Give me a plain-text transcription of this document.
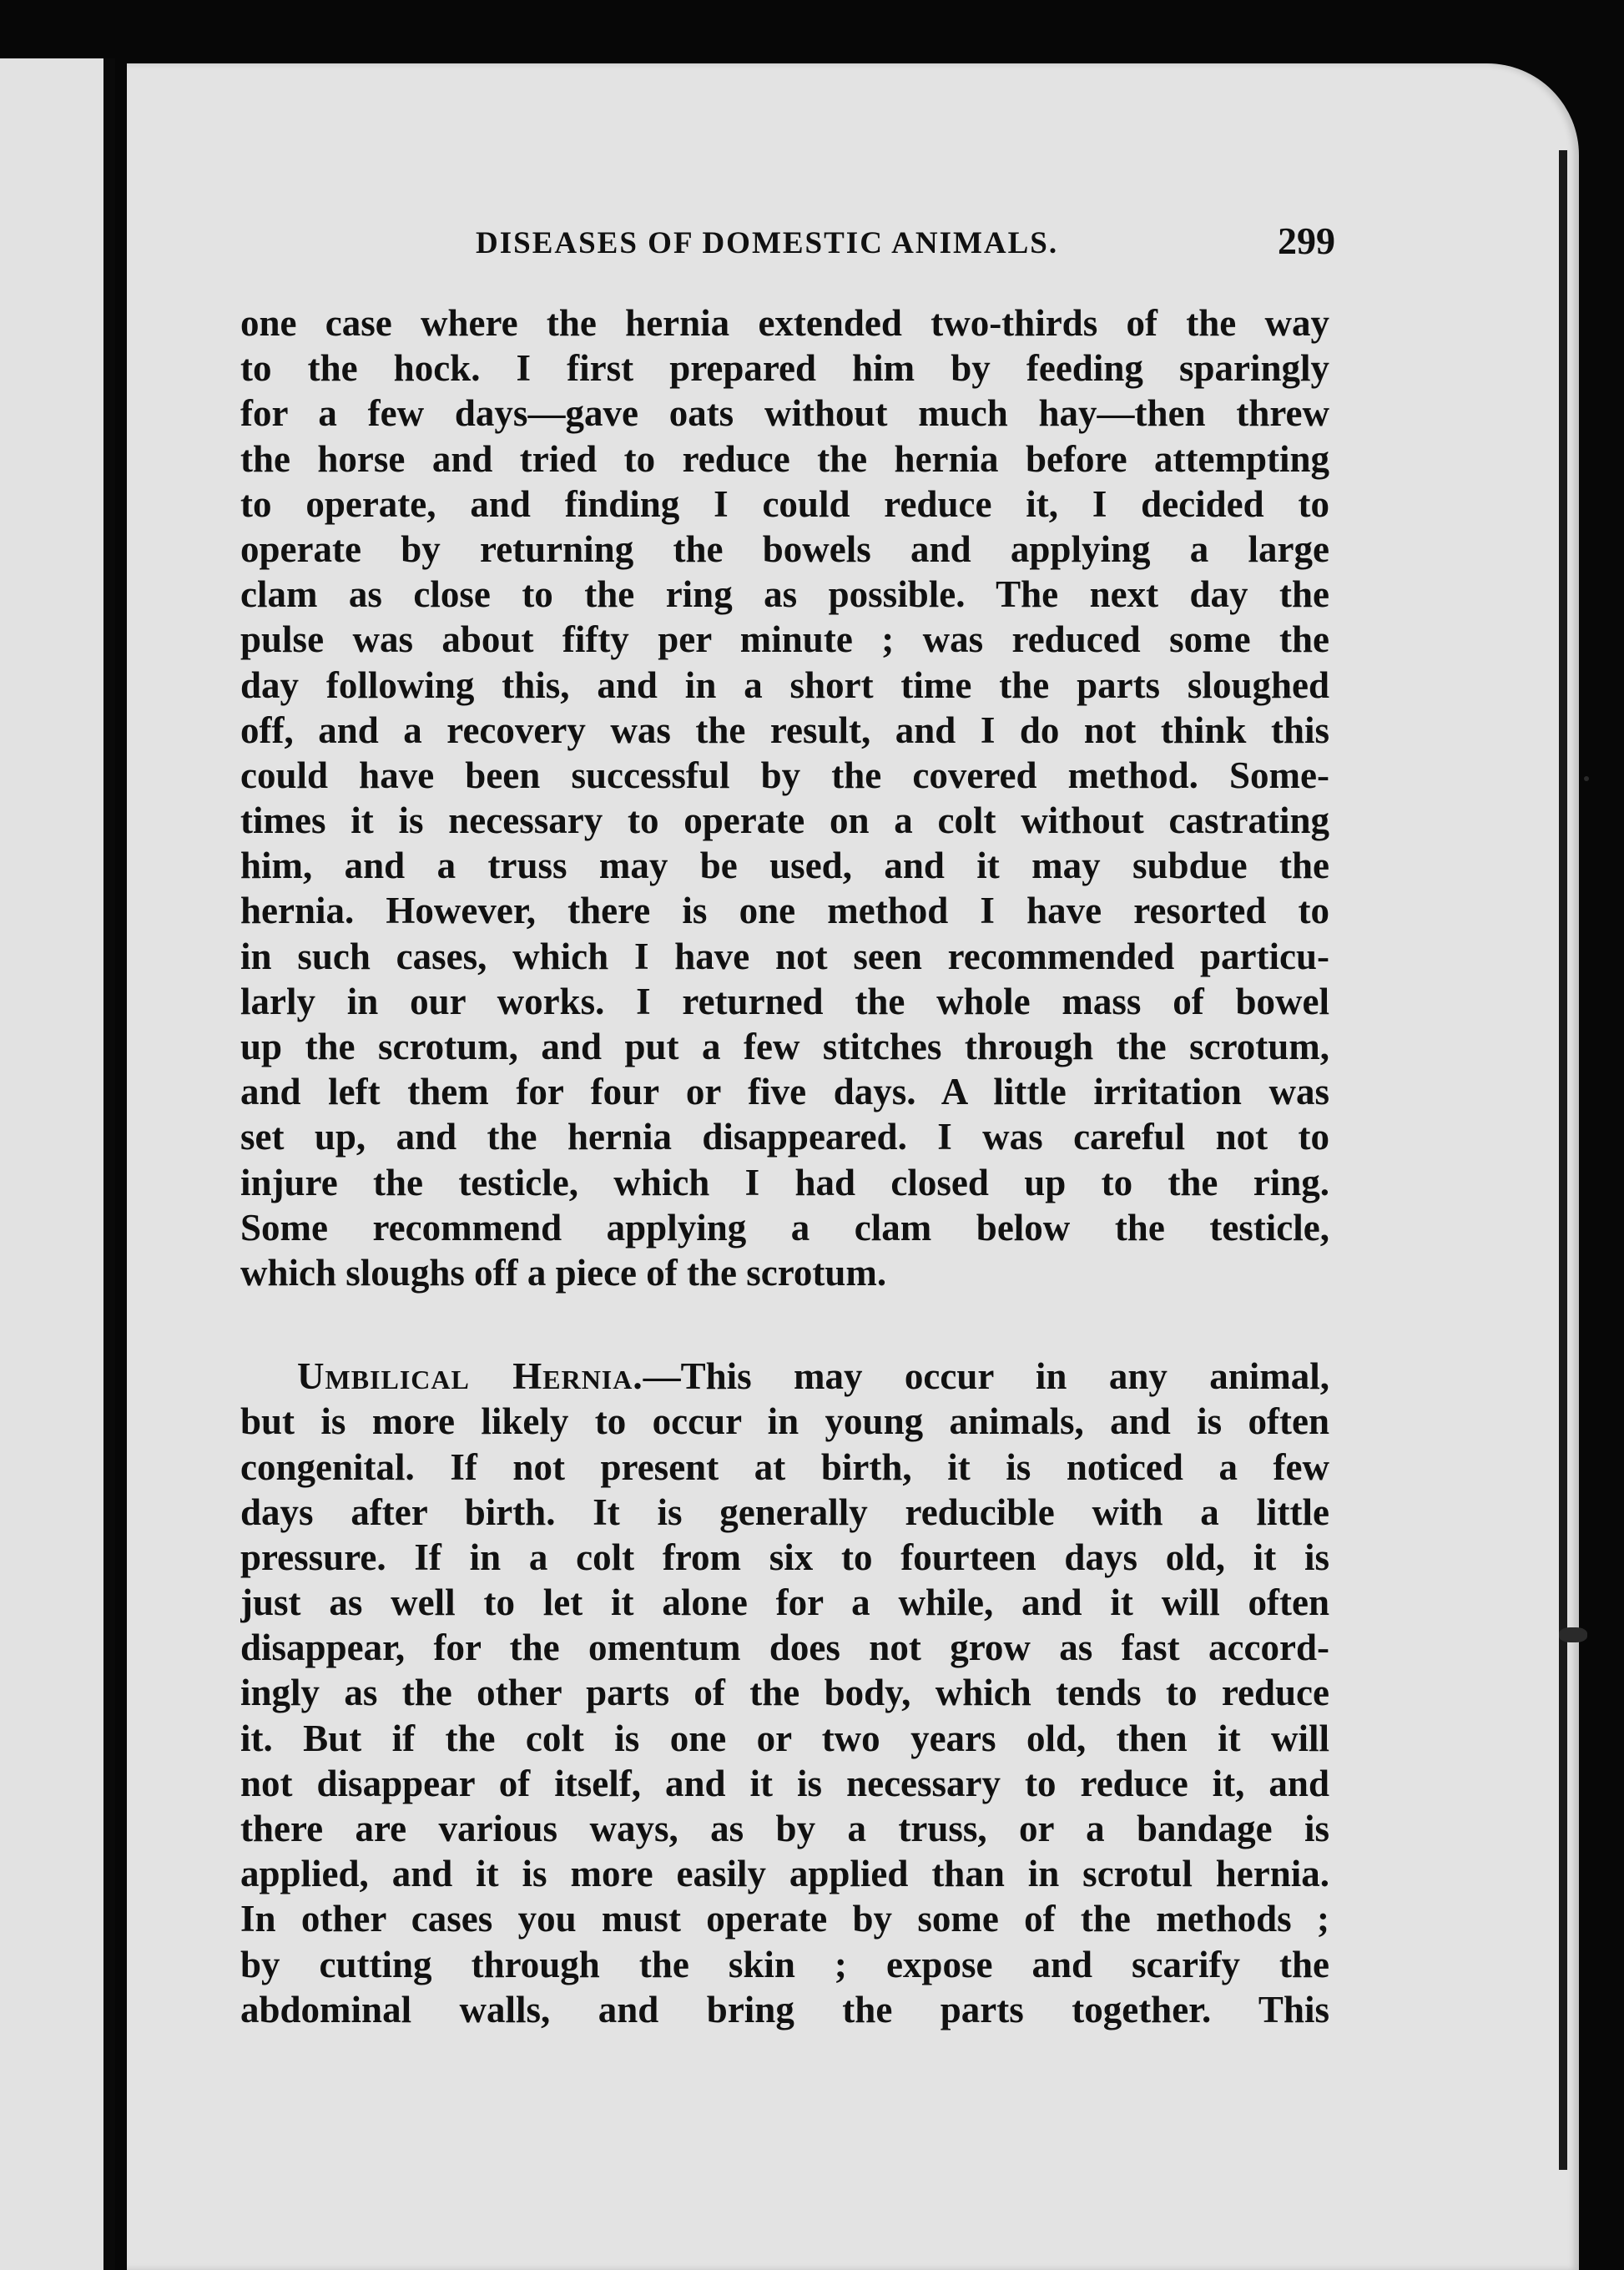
DISEASES OF DOMESTIC ANIMALS.	299
one case where the hernia extended two-thirds of the way
to the hock. I first prepared him by feeding sparingly
for a few days—gave oats without much hay—then threw
the horse and tried to reduce the hernia before attempting
to operate, and finding I could reduce it, I decided to
operate by returning the bowels and applying a large
clam as close to the ring as possible. The next day the
pulse was about fifty per minute ; was reduced some the
day following this, and in a short time the parts sloughed
off, and a recovery was the result, and I do not think this
could have been successful by the covered method. Some-
times it is necessary to operate on a colt without castrating
him, and a truss may be used, and it may subdue the
hernia. However, there is one method I have resorted to
in such cases, which I have not seen recommended particu-
larly in our works. I returned the whole mass of bowel
up the scrotum, and put a few stitches through the scrotum,
and left them for four or five days. A little irritation was
set up, and the hernia disappeared. I was careful not to
injure the testicle, which I had closed up to the ring.
Some recommend applying a clam below the testicle,
which sloughs off a piece of the scrotum.
Umbilical Hernia.—This may occur in any animal,
but is more likely to occur in young animals, and is often
congenital. If not present at birth, it is noticed a few
days after birth. It is generally reducible with a little
pressure. If in a colt from six to fourteen days old, it is
just as well to let it alone for a while, and it will often
disappear, for the omentum does not grow as fast accord-
ingly as the other parts of the body, which tends to reduce
it. But if the colt is one or two years old, then it will
not disappear of itself, and it is necessary to reduce it, and
there are various ways, as by a truss, or a bandage is
applied, and it is more easily applied than in scrotul hernia.
In other cases you must operate by some of the methods ;
by cutting through the skin ; expose and scarify the
abdominal walls, and bring the parts together. This
